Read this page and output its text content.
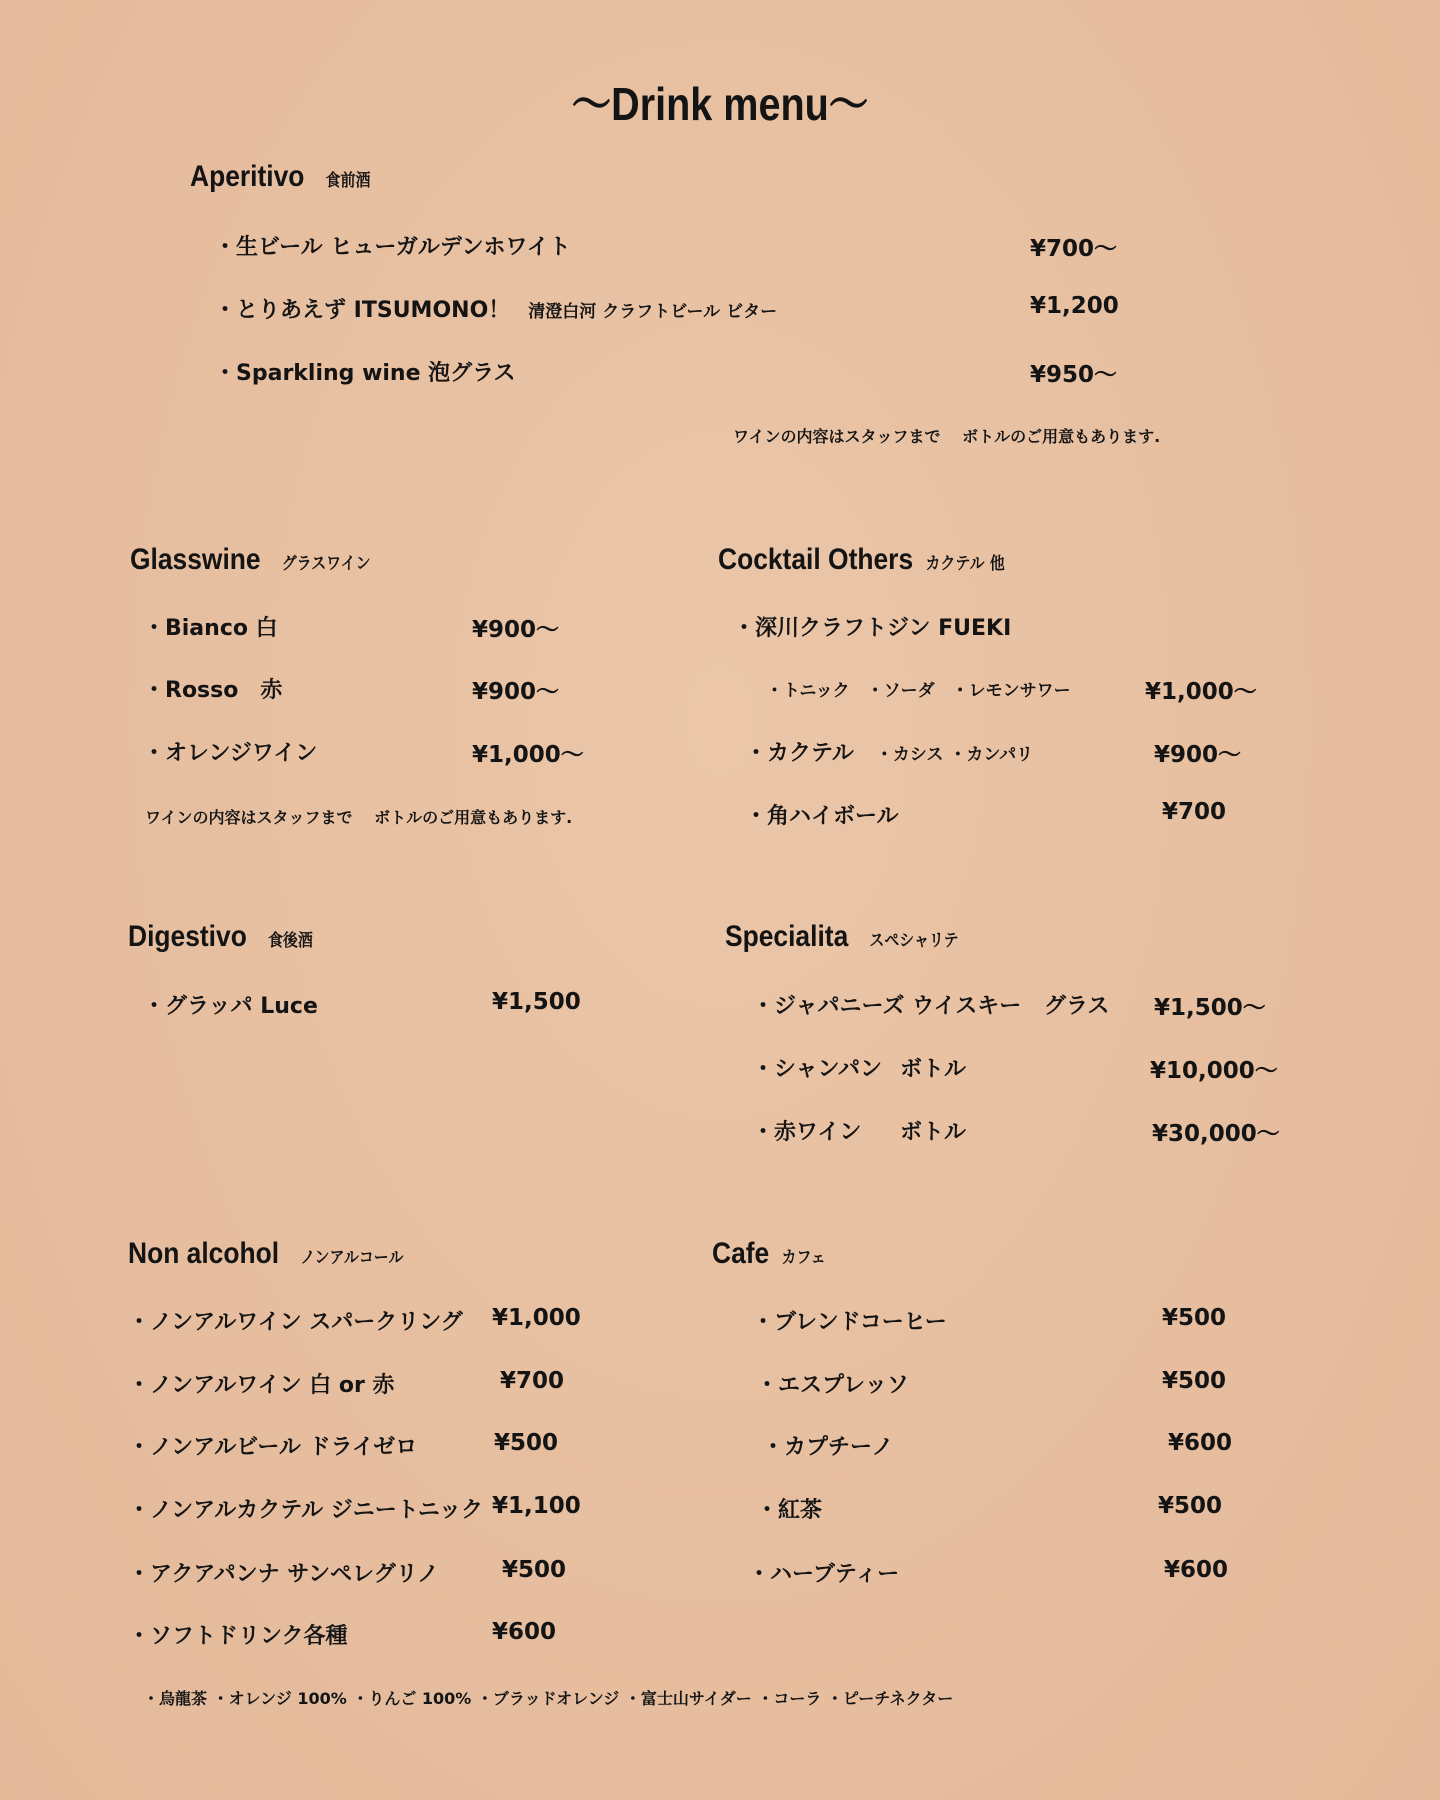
〜Drink menu〜
Aperitivo 食前酒
・生ビール ヒューガルデンホワイト	¥700〜
・とりあえず ITSUMONO！ 清澄白河 クラフトビール ビター	¥1,200
・Sparkling wine 泡グラス	¥950〜
ワインの内容はスタッフまで　 ボトルのご用意もあります.
Glasswine グラスワイン
・Bianco 白	¥900〜
・Rosso　赤	¥900〜
・オレンジワイン	¥1,000〜
ワインの内容はスタッフまで　 ボトルのご用意もあります.
Cocktail Others カクテル 他
・深川クラフトジン FUEKI
・トニック　・ソーダ　・レモンサワー	¥1,000〜
・カクテル ・カシス ・カンパリ	¥900〜
・角ハイボール	¥700
Digestivo 食後酒
・グラッパ Luce	¥1,500
Specialita スペシャリテ
・ジャパニーズ ウイスキー グラス ¥1,500〜
・シャンパン ボトル	¥10,000〜
・赤ワイン ボトル	¥30,000〜
Non alcohol ノンアルコール
・ノンアルワイン スパークリング ¥1,000
・ノンアルワイン 白 or 赤	¥700
・ノンアルビール ドライゼロ	¥500
・ノンアルカクテル ジニートニック ¥1,100
・アクアパンナ サンペレグリノ	¥500
・ソフトドリンク各種	¥600
・烏龍茶 ・オレンジ 100% ・りんご 100% ・ブラッドオレンジ ・富士山サイダー ・コーラ ・ピーチネクター
Cafe カフェ
・ブレンドコーヒー	¥500
・エスプレッソ	¥500
・カプチーノ	¥600
・紅茶	¥500
・ハーブティー	¥600
